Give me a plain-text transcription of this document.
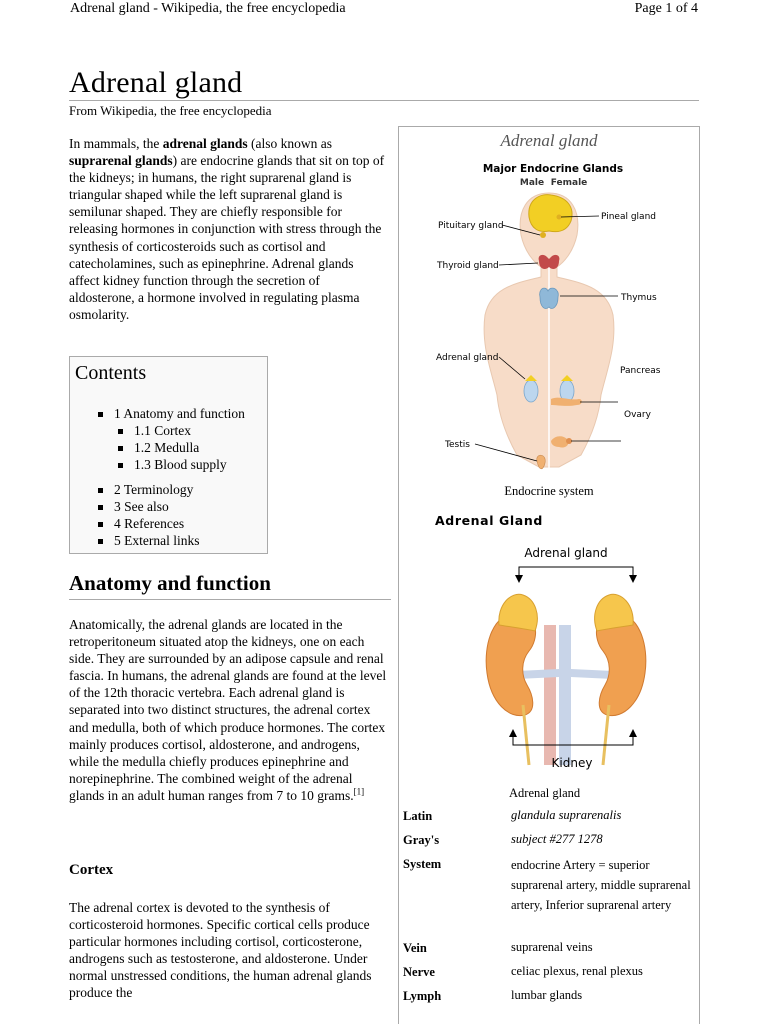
Adrenal gland - Wikipedia, the free encyclopedia	Page 1 of 4
Adrenal gland
From Wikipedia, the free encyclopedia

In mammals, the adrenal glands (also known as suprarenal glands) are endocrine glands that sit on top of the kidneys; in humans, the right suprarenal gland is triangular shaped while the left suprarenal gland is semilunar shaped. They are chiefly responsible for releasing hormones in conjunction with stress through the synthesis of corticosteroids such as cortisol and catecholamines, such as epinephrine. Adrenal glands affect kidney function through the secretion of aldosterone, a hormone involved in regulating plasma osmolarity.

Contents
1 Anatomy and function
1.1 Cortex
1.2 Medulla
1.3 Blood supply
2 Terminology
3 See also
4 References
5 External links
Anatomy and function

Anatomically, the adrenal glands are located in the retroperitoneum situated atop the kidneys, one on each side. They are surrounded by an adipose capsule and renal fascia. In humans, the adrenal glands are found at the level of the 12th thoracic vertebra. Each adrenal gland is separated into two distinct structures, the adrenal cortex and medulla, both of which produce hormones. The cortex mainly produces cortisol, aldosterone, and androgens, while the medulla chiefly produces epinephrine and norepinephrine. The combined weight of the adrenal glands in an adult human ranges from 7 to 10 grams.[1]

Cortex

The adrenal cortex is devoted to the synthesis of corticosteroid hormones. Specific cortical cells produce particular hormones including cortisol, corticosterone, androgens such as testosterone, and aldosterone. Under normal unstressed conditions, the human adrenal glands produce the

Adrenal gland
Major Endocrine Glands
Male Female
Pituitary gland
Pineal gland
Thyroid gland
Thymus
Adrenal gland
Pancreas
Ovary
Testis
Endocrine system
Adrenal Gland
Adrenal gland
Kidney
Adrenal gland
Latin	glandula suprarenalis
Gray's	subject #277 1278
System	endocrine Artery = superior suprarenal artery, middle suprarenal artery, Inferior suprarenal artery
Vein	suprarenal veins
Nerve	celiac plexus, renal plexus
Lymph	lumbar glands
